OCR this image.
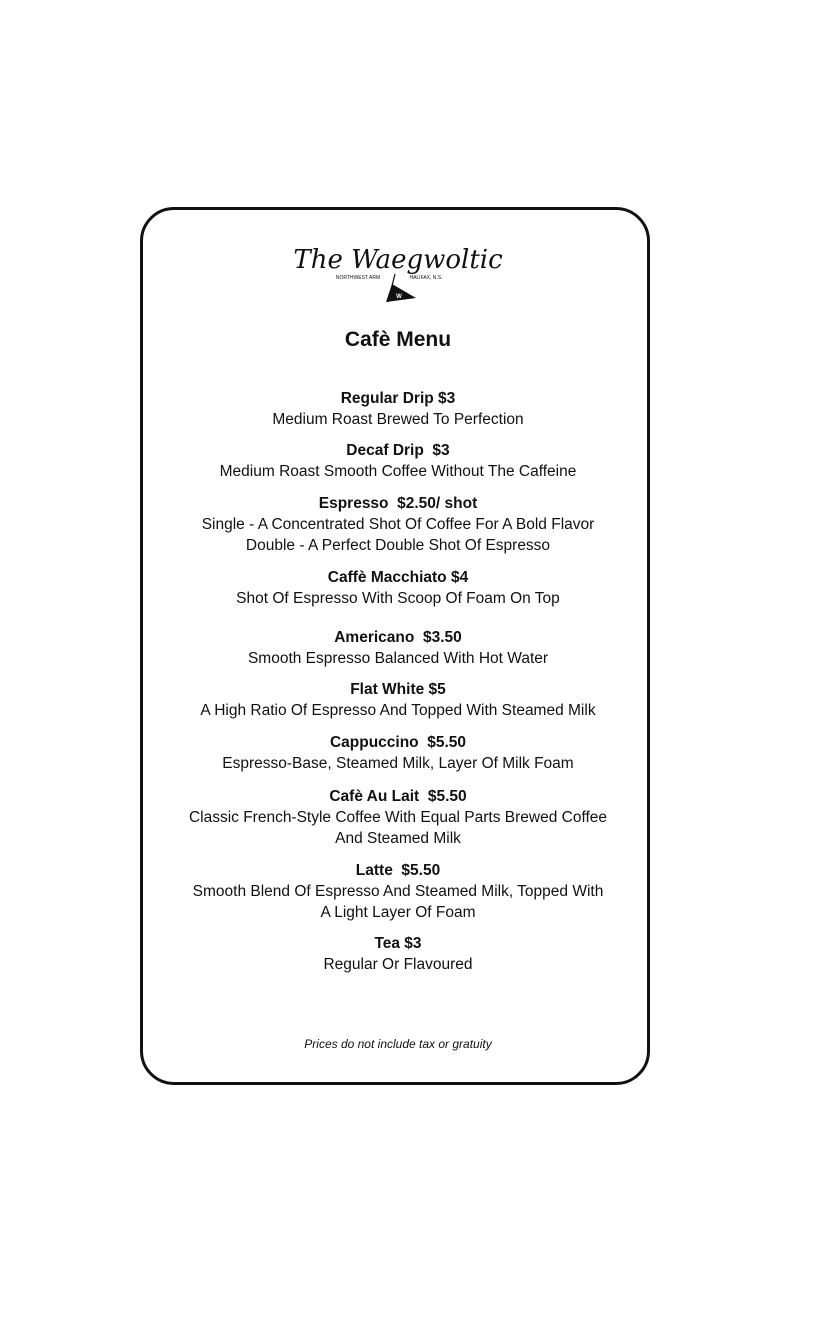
The Waegwoltic
NORTHWEST ARM	HALIFAX, N.S.
W
Cafè Menu
Regular Drip $3
Medium Roast Brewed To Perfection
Decaf Drip  $3
Medium Roast Smooth Coffee Without The Caffeine
Espresso  $2.50/ shot
Single - A Concentrated Shot Of Coffee For A Bold Flavor
Double - A Perfect Double Shot Of Espresso
Caffè Macchiato $4
Shot Of Espresso With Scoop Of Foam On Top
Americano  $3.50
Smooth Espresso Balanced With Hot Water
Flat White $5
A High Ratio Of Espresso And Topped With Steamed Milk
Cappuccino  $5.50
Espresso-Base, Steamed Milk, Layer Of Milk Foam
Cafè Au Lait  $5.50
Classic French-Style Coffee With Equal Parts Brewed Coffee
And Steamed Milk
Latte  $5.50
Smooth Blend Of Espresso And Steamed Milk, Topped With
A Light Layer Of Foam
Tea $3
Regular Or Flavoured
Prices do not include tax or gratuity
